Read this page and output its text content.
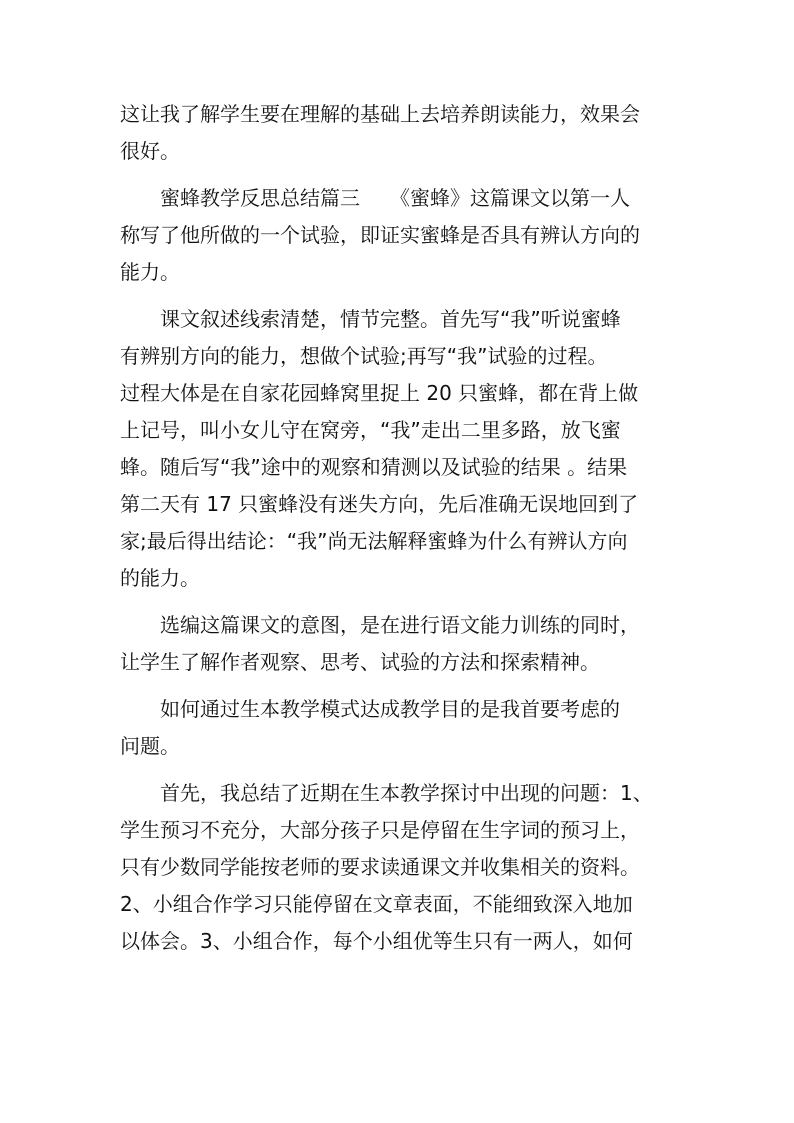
这让我了解学生要在理解的基础上去培养朗读能力，效果会
很好。

蜜蜂教学反思总结篇三　　《蜜蜂》这篇课文以第一人
称写了他所做的一个试验，即证实蜜蜂是否具有辨认方向的
能力。

课文叙述线索清楚，情节完整。首先写“我”听说蜜蜂
有辨别方向的能力，想做个试验;再写“我”试验的过程。
过程大体是在自家花园蜂窝里捉上 20 只蜜蜂，都在背上做
上记号，叫小女儿守在窝旁，“我”走出二里多路，放飞蜜
蜂。随后写“我”途中的观察和猜测以及试验的结果 。结果
第二天有 17 只蜜蜂没有迷失方向，先后准确无误地回到了
家;最后得出结论：“我”尚无法解释蜜蜂为什么有辨认方向
的能力。

选编这篇课文的意图，是在进行语文能力训练的同时，
让学生了解作者观察、思考、试验的方法和探索精神。

如何通过生本教学模式达成教学目的是我首要考虑的
问题。

首先，我总结了近期在生本教学探讨中出现的问题：1、
学生预习不充分，大部分孩子只是停留在生字词的预习上，
只有少数同学能按老师的要求读通课文并收集相关的资料。
2、小组合作学习只能停留在文章表面，不能细致深入地加
以体会。3、小组合作，每个小组优等生只有一两人，如何
